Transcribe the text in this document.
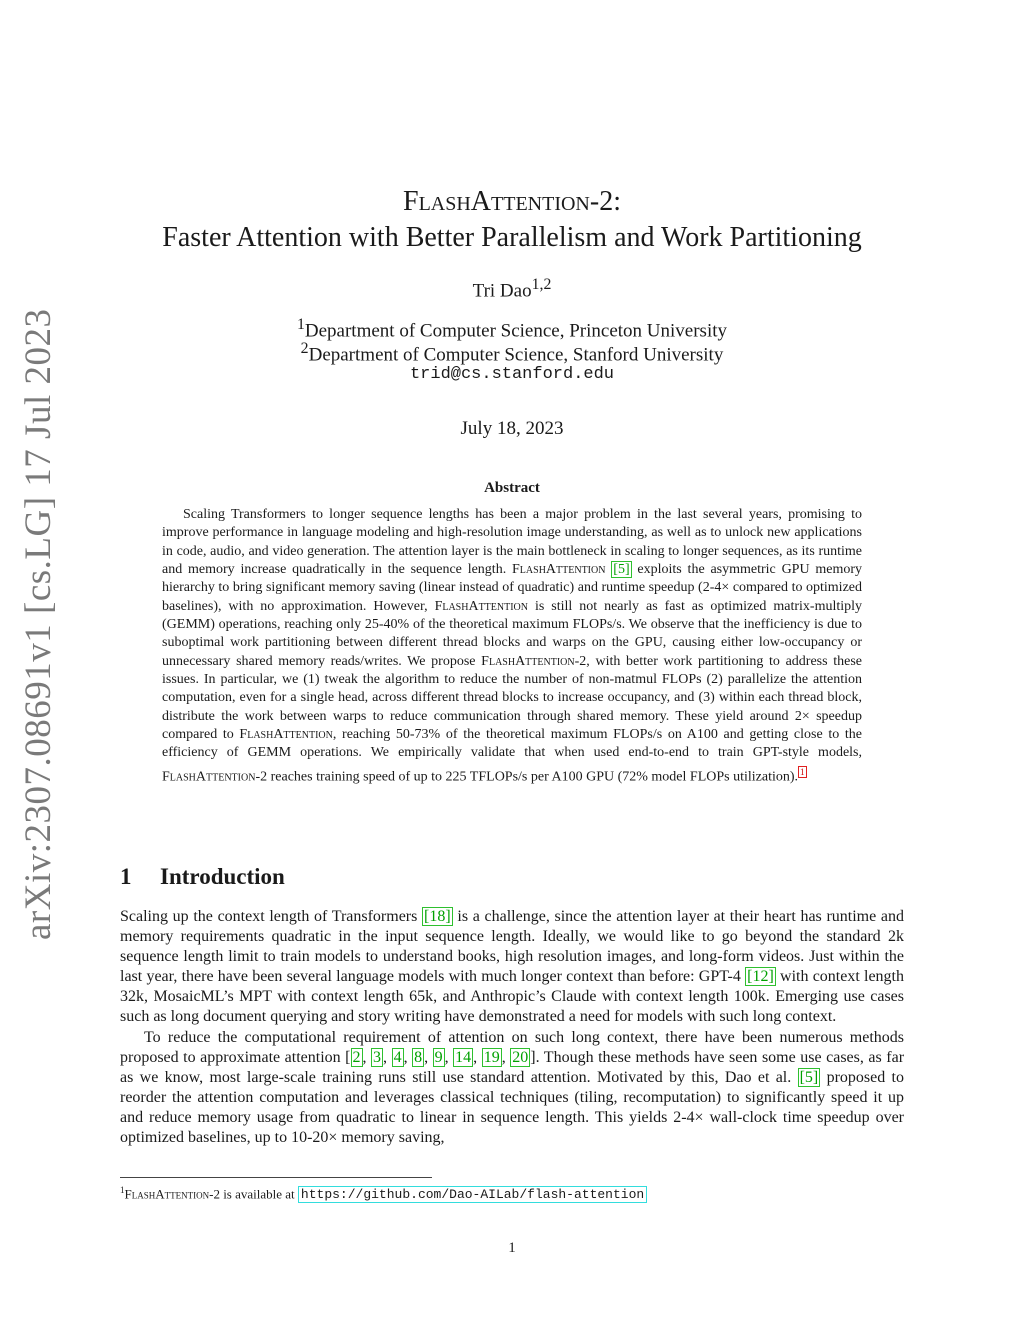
arXiv:2307.08691v1 [cs.LG] 17 Jul 2023
FlashAttention-2:
Faster Attention with Better Parallelism and Work Partitioning
Tri Dao$^{1,2}$
$^1$Department of Computer Science, Princeton University
$^2$Department of Computer Science, Stanford University
trid@cs.stanford.edu
July 18, 2023
Abstract
Scaling Transformers to longer sequence lengths has been a major problem in the last several years, promising to improve performance in language modeling and high-resolution image understanding, as well as to unlock new applications in code, audio, and video generation. The attention layer is the main bottleneck in scaling to longer sequences, as its runtime and memory increase quadratically in the sequence length. FlashAttention [5] exploits the asymmetric GPU memory hierarchy to bring significant memory saving (linear instead of quadratic) and runtime speedup (2-4× compared to optimized baselines), with no approximation. However, FlashAttention is still not nearly as fast as optimized matrix-multiply (GEMM) operations, reaching only 25-40% of the theoretical maximum FLOPs/s. We observe that the inefficiency is due to suboptimal work partitioning between different thread blocks and warps on the GPU, causing either low-occupancy or unnecessary shared memory reads/writes. We propose FlashAttention-2, with better work partitioning to address these issues. In particular, we (1) tweak the algorithm to reduce the number of non-matmul FLOPs (2) parallelize the attention computation, even for a single head, across different thread blocks to increase occupancy, and (3) within each thread block, distribute the work between warps to reduce communication through shared memory. These yield around 2× speedup compared to FlashAttention, reaching 50-73% of the theoretical maximum FLOPs/s on A100 and getting close to the efficiency of GEMM operations. We empirically validate that when used end-to-end to train GPT-style models, FlashAttention-2 reaches training speed of up to 225 TFLOPs/s per A100 GPU (72% model FLOPs utilization). $^1$
1 Introduction

Scaling up the context length of Transformers [18] is a challenge, since the attention layer at their heart has runtime and memory requirements quadratic in the input sequence length. Ideally, we would like to go beyond the standard 2k sequence length limit to train models to understand books, high resolution images, and long-form videos. Just within the last year, there have been several language models with much longer context than before: GPT-4 [12] with context length 32k, MosaicML’s MPT with context length 65k, and Anthropic’s Claude with context length 100k. Emerging use cases such as long document querying and story writing have demonstrated a need for models with such long context.

To reduce the computational requirement of attention on such long context, there have been numerous methods proposed to approximate attention [ 2 , 3 , 4 , 8 , 9 , 14 , 19 , 20 ]. Though these methods have seen some use cases, as far as we know, most large-scale training runs still use standard attention. Motivated by this, Dao et al. [5] proposed to reorder the attention computation and leverages classical techniques (tiling, recomputation) to significantly speed it up and reduce memory usage from quadratic to linear in sequence length. This yields 2-4× wall-clock time speedup over optimized baselines, up to 10-20× memory saving,

$^1$FlashAttention-2 is available at https://github.com/Dao-AILab/flash-attention
1
